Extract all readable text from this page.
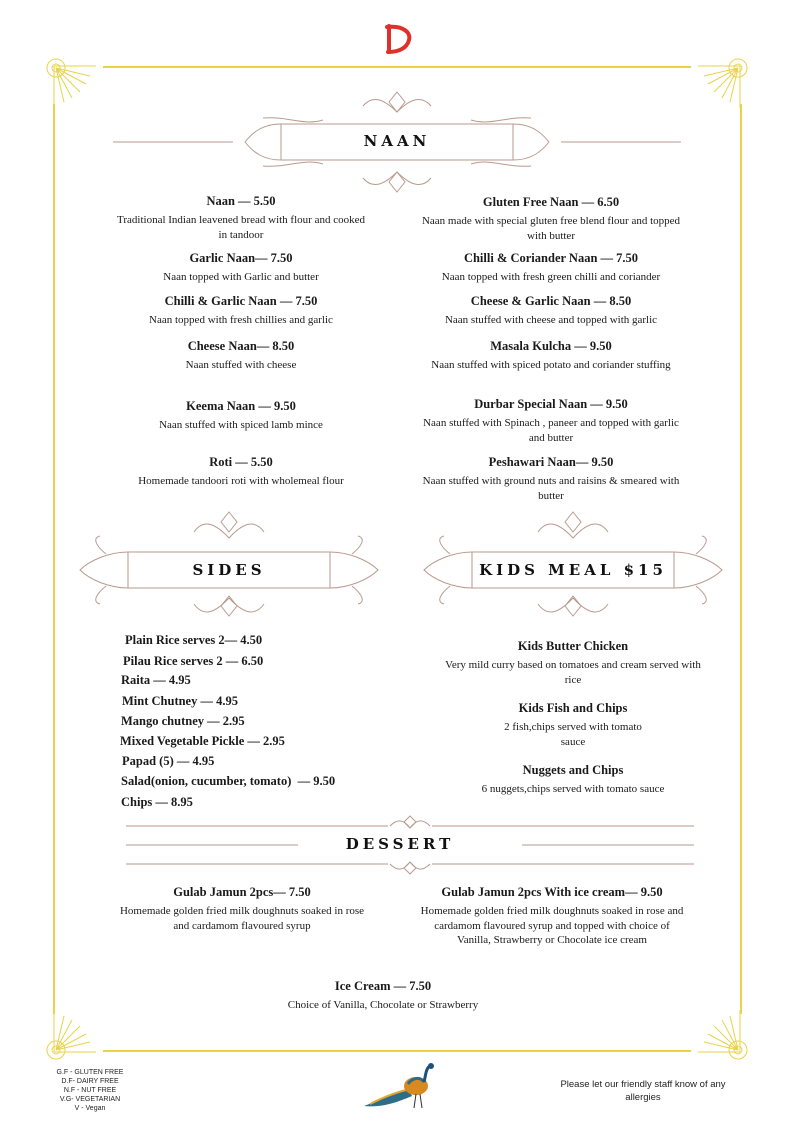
NAAN
Naan — 5.50
Traditional Indian leavened bread with flour and cooked in tandoor
Garlic Naan— 7.50
Naan topped with Garlic and butter
Chilli & Garlic Naan — 7.50
Naan topped with fresh chillies and garlic
Cheese Naan— 8.50
Naan stuffed with cheese
Keema Naan — 9.50
Naan stuffed with spiced lamb mince
Roti — 5.50
Homemade tandoori roti with wholemeal flour
Gluten Free Naan — 6.50
Naan made with special gluten free blend flour and topped with butter
Chilli & Coriander Naan — 7.50
Naan topped with fresh green chilli and coriander
Cheese & Garlic Naan — 8.50
Naan stuffed with cheese and topped with garlic
Masala Kulcha — 9.50
Naan stuffed with spiced potato and coriander stuffing
Durbar Special Naan — 9.50
Naan stuffed with Spinach , paneer and topped with garlic and butter
Peshawari Naan— 9.50
Naan stuffed with ground nuts and raisins & smeared with butter
SIDES	KIDS MEAL $15
Plain Rice serves 2— 4.50
Pilau Rice serves 2 — 6.50
Raita — 4.95
Mint Chutney — 4.95
Mango chutney — 2.95
Mixed Vegetable Pickle — 2.95
Papad (5) — 4.95
Salad(onion, cucumber, tomato)  — 9.50
Chips — 8.95
Kids Butter Chicken
Very mild curry based on tomatoes and cream served with rice
Kids Fish and Chips
2 fish,chips served with tomato sauce
Nuggets and Chips
6 nuggets,chips served with tomato sauce
DESSERT
Gulab Jamun 2pcs— 7.50
Homemade golden fried milk doughnuts soaked in rose and cardamom flavoured syrup
Gulab Jamun 2pcs With ice cream— 9.50
Homemade golden fried milk doughnuts soaked in rose and cardamom flavoured syrup and topped with choice of Vanilla, Strawberry or Chocolate ice cream
Ice Cream — 7.50
Choice of Vanilla, Chocolate or Strawberry
G.F - GLUTEN FREE
D.F- DAIRY FREE
N.F - NUT FREE
V.G- VEGETARIAN
V - Vegan
Please let our friendly staff know of any allergies
